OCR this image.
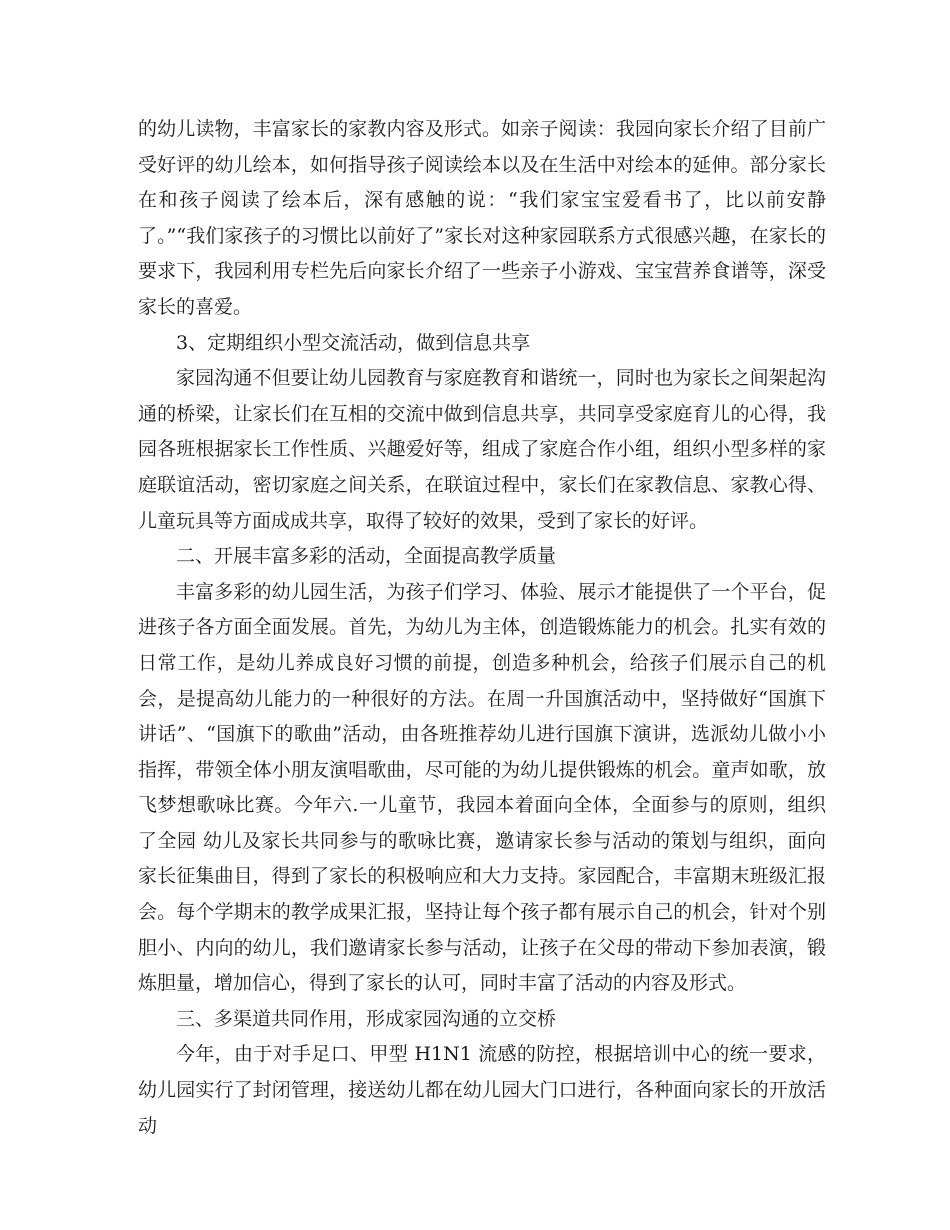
的幼儿读物，丰富家长的家教内容及形式。如亲子阅读：我园向家长介绍了目前广受好评的幼儿绘本，如何指导孩子阅读绘本以及在生活中对绘本的延伸。部分家长在和孩子阅读了绘本后，深有感触的说：“我们家宝宝爱看书了，比以前安静了。”“我们家孩子的习惯比以前好了”家长对这种家园联系方式很感兴趣，在家长的要求下，我园利用专栏先后向家长介绍了一些亲子小游戏、宝宝营养食谱等，深受家长的喜爱。

3、定期组织小型交流活动，做到信息共享

家园沟通不但要让幼儿园教育与家庭教育和谐统一，同时也为家长之间架起沟通的桥梁，让家长们在互相的交流中做到信息共享，共同享受家庭育儿的心得，我园各班根据家长工作性质、兴趣爱好等，组成了家庭合作小组，组织小型多样的家庭联谊活动，密切家庭之间关系，在联谊过程中，家长们在家教信息、家教心得、儿童玩具等方面成成共享，取得了较好的效果，受到了家长的好评。

二、开展丰富多彩的活动，全面提高教学质量

丰富多彩的幼儿园生活，为孩子们学习、体验、展示才能提供了一个平台，促进孩子各方面全面发展。首先，为幼儿为主体，创造锻炼能力的机会。扎实有效的日常工作，是幼儿养成良好习惯的前提，创造多种机会，给孩子们展示自己的机会，是提高幼儿能力的一种很好的方法。在周一升国旗活动中，坚持做好“国旗下讲话”、“国旗下的歌曲”活动，由各班推荐幼儿进行国旗下演讲，选派幼儿做小小指挥，带领全体小朋友演唱歌曲，尽可能的为幼儿提供锻炼的机会。童声如歌，放飞梦想歌咏比赛。今年六.一儿童节，我园本着面向全体，全面参与的原则，组织了全园 幼儿及家长共同参与的歌咏比赛，邀请家长参与活动的策划与组织，面向家长征集曲目，得到了家长的积极响应和大力支持。家园配合，丰富期末班级汇报会。每个学期末的教学成果汇报，坚持让每个孩子都有展示自己的机会，针对个别胆小、内向的幼儿，我们邀请家长参与活动，让孩子在父母的带动下参加表演，锻炼胆量，增加信心，得到了家长的认可，同时丰富了活动的内容及形式。

三、多渠道共同作用，形成家园沟通的立交桥

今年，由于对手足口、甲型 H1N1 流感的防控，根据培训中心的统一要求，幼儿园实行了封闭管理，接送幼儿都在幼儿园大门口进行，各种面向家长的开放活动
